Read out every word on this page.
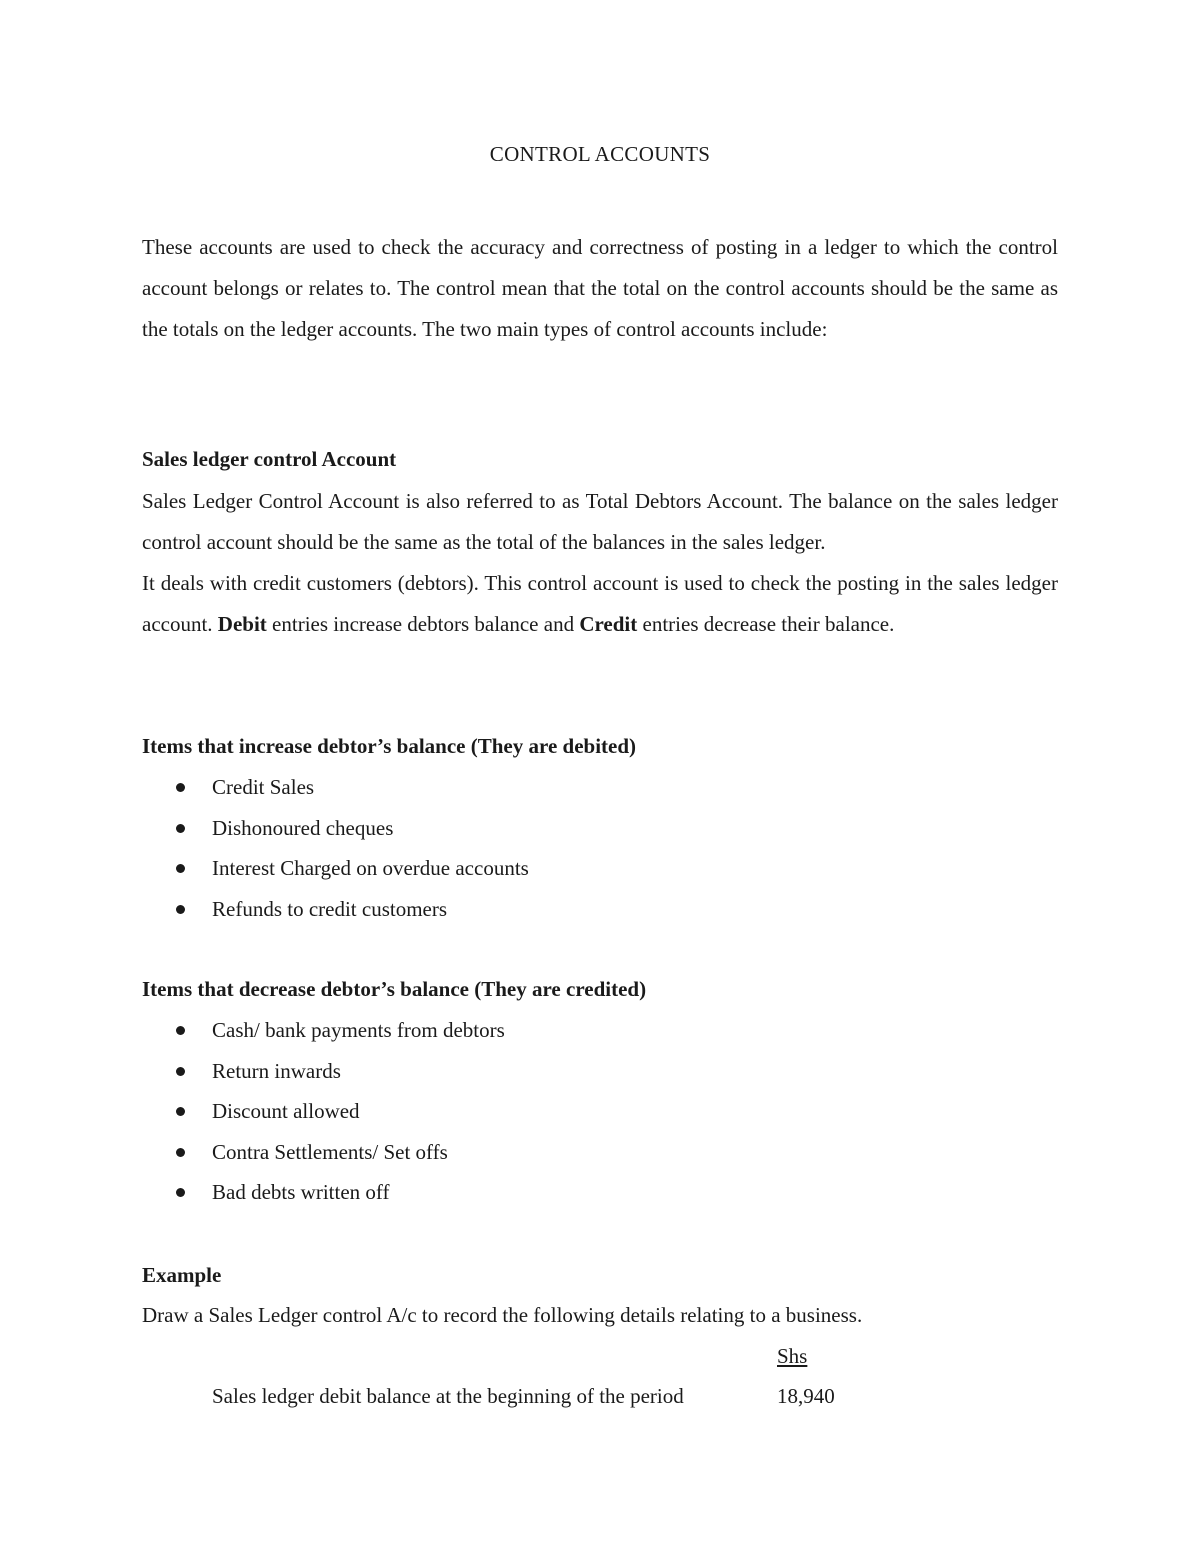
CONTROL ACCOUNTS

These accounts are used to check the accuracy and correctness of posting in a ledger to which the control account belongs or relates to. The control mean that the total on the control accounts should be the same as the totals on the ledger accounts. The two main types of control accounts include:

Sales ledger control Account

Sales Ledger Control Account is also referred to as Total Debtors Account. The balance on the sales ledger control account should be the same as the total of the balances in the sales ledger.

It deals with credit customers (debtors). This control account is used to check the posting in the sales ledger account. Debit entries increase debtors balance and Credit entries decrease their balance.

Items that increase debtor’s balance (They are debited)
Credit Sales
Dishonoured cheques
Interest Charged on overdue accounts
Refunds to credit customers
Items that decrease debtor’s balance (They are credited)
Cash/ bank payments from debtors
Return inwards
Discount allowed
Contra Settlements/ Set offs
Bad debts written off
Example

Draw a Sales Ledger control A/c to record the following details relating to a business.

Shs

Sales ledger debit balance at the beginning of the period	18,940
